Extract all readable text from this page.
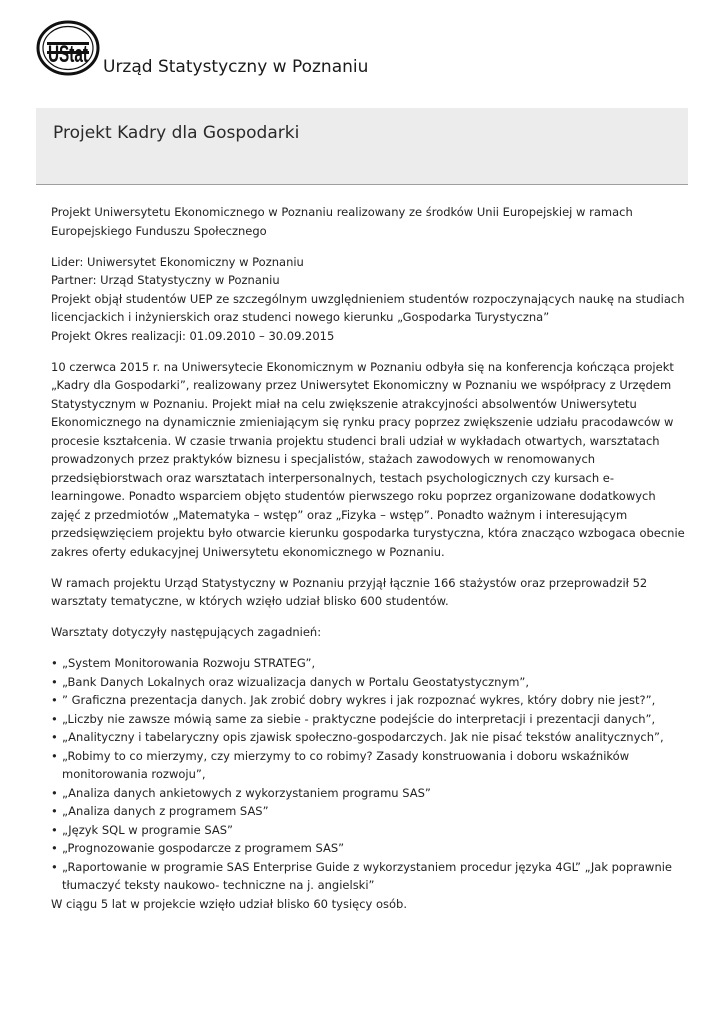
UStat Urząd Statystyczny w Poznaniu
Projekt Kadry dla Gospodarki

Projekt Uniwersytetu Ekonomicznego w Poznaniu realizowany ze środków Unii Europejskiej w ramach Europejskiego Funduszu Społecznego

Lider: Uniwersytet Ekonomiczny w Poznaniu

Partner: Urząd Statystyczny w Poznaniu

Projekt objął studentów UEP ze szczególnym uwzględnieniem studentów rozpoczynających naukę na studiach licencjackich i inżynierskich oraz studenci nowego kierunku „Gospodarka Turystyczna”

Projekt Okres realizacji: 01.09.2010 – 30.09.2015

10 czerwca 2015 r. na Uniwersytecie Ekonomicznym w Poznaniu odbyła się na konferencja kończąca projekt „Kadry dla Gospodarki”, realizowany przez Uniwersytet Ekonomiczny w Poznaniu we współpracy z Urzędem Statystycznym w Poznaniu. Projekt miał na celu zwiększenie atrakcyjności absolwentów Uniwersytetu Ekonomicznego na dynamicznie zmieniającym się rynku pracy poprzez zwiększenie udziału pracodawców w procesie kształcenia. W czasie trwania projektu studenci brali udział w wykładach otwartych, warsztatach prowadzonych przez praktyków biznesu i specjalistów, stażach zawodowych w renomowanych przedsiębiorstwach oraz warsztatach interpersonalnych, testach psychologicznych czy kursach e-learningowe. Ponadto wsparciem objęto studentów pierwszego roku poprzez organizowane dodatkowych zajęć z przedmiotów „Matematyka – wstęp” oraz „Fizyka – wstęp”. Ponadto ważnym i interesującym przedsięwzięciem projektu było otwarcie kierunku gospodarka turystyczna, która znacząco wzbogaca obecnie zakres oferty edukacyjnej Uniwersytetu ekonomicznego w Poznaniu.

W ramach projektu Urząd Statystyczny w Poznaniu przyjął łącznie 166 stażystów oraz przeprowadził 52 warsztaty tematyczne, w których wzięło udział blisko 600 studentów.

Warsztaty dotyczyły następujących zagadnień:

• „System Monitorowania Rozwoju STRATEG”,
• „Bank Danych Lokalnych oraz wizualizacja danych w Portalu Geostatystycznym”,
• ” Graficzna prezentacja danych. Jak zrobić dobry wykres i jak rozpoznać wykres, który dobry nie jest?”,
• „Liczby nie zawsze mówią same za siebie - praktyczne podejście do interpretacji i prezentacji danych”,
• „Analityczny i tabelaryczny opis zjawisk społeczno-gospodarczych. Jak nie pisać tekstów analitycznych”,
• „Robimy to co mierzymy, czy mierzymy to co robimy? Zasady konstruowania i doboru wskaźników monitorowania rozwoju”,
• „Analiza danych ankietowych z wykorzystaniem programu SAS”
• „Analiza danych z programem SAS”
• „Język SQL w programie SAS”
• „Prognozowanie gospodarcze z programem SAS”
• „Raportowanie w programie SAS Enterprise Guide z wykorzystaniem procedur języka 4GL” „Jak poprawnie tłumaczyć teksty naukowo- techniczne na j. angielski”

W ciągu 5 lat w projekcie wzięło udział blisko 60 tysięcy osób.
